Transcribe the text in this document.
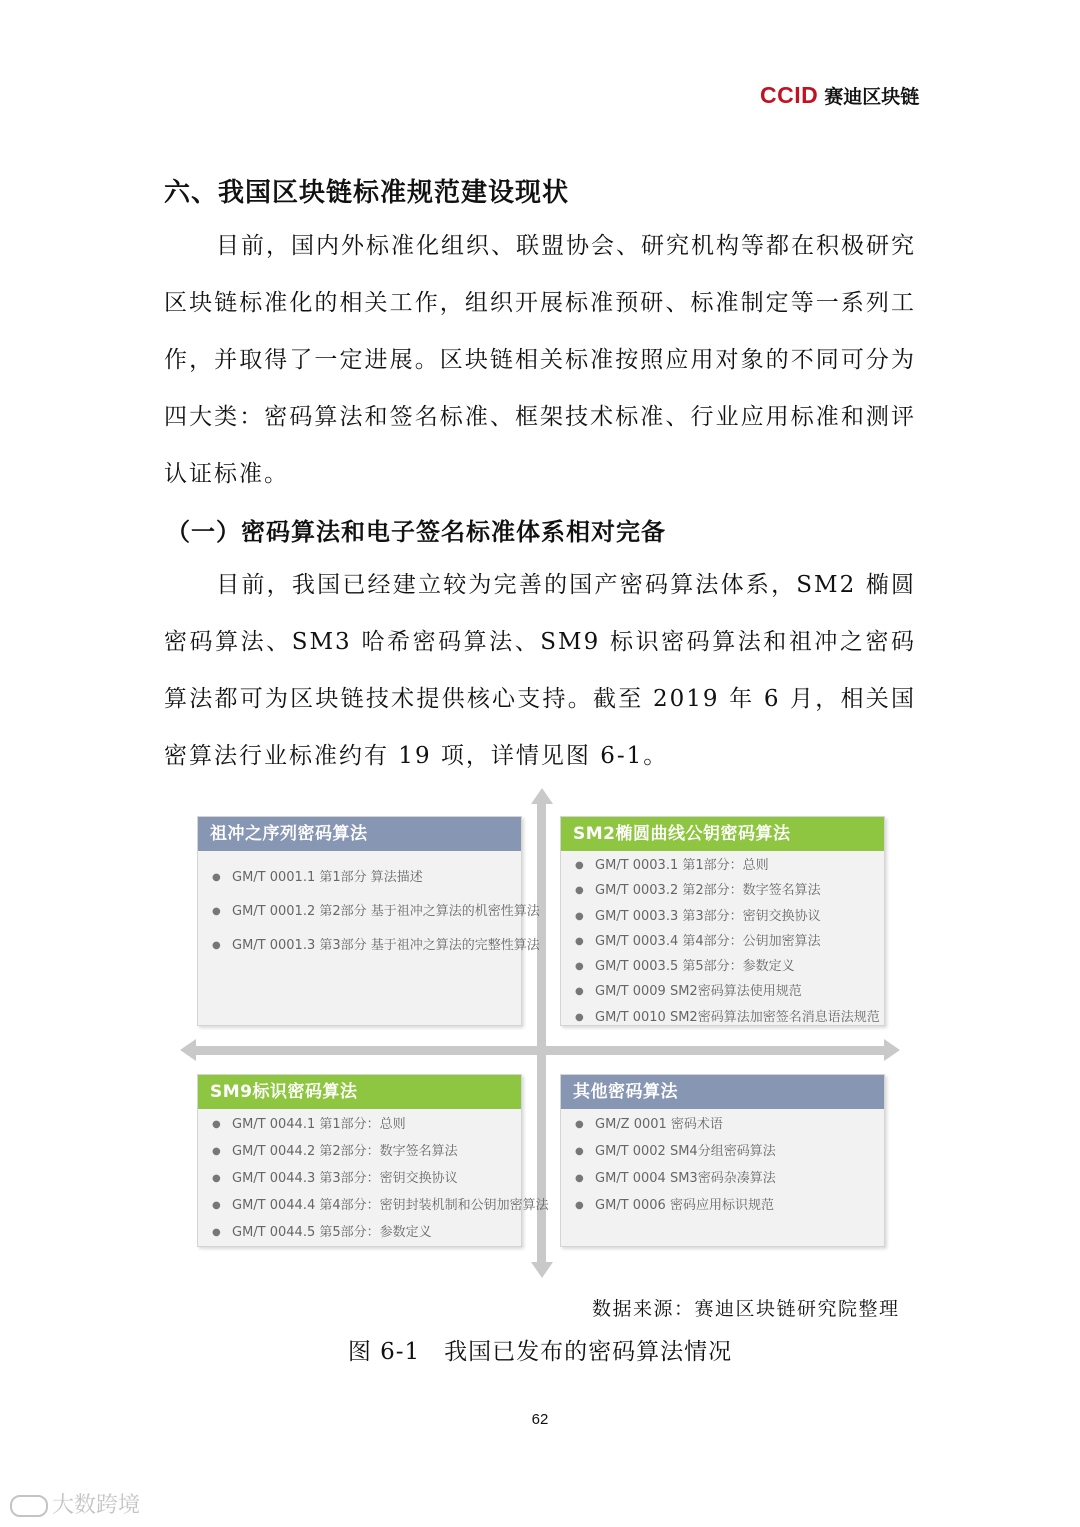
CCID 赛迪区块链
六、我国区块链标准规范建设现状
目前，国内外标准化组织、联盟协会、研究机构等都在积极研究区块链标准化的相关工作，组织开展标准预研、标准制定等一系列工作，并取得了一定进展。区块链相关标准按照应用对象的不同可分为四大类：密码算法和签名标准、框架技术标准、行业应用标准和测评认证标准。
（一）密码算法和电子签名标准体系相对完备
目前，我国已经建立较为完善的国产密码算法体系，SM2 椭圆密码算法、SM3 哈希密码算法、SM9 标识密码算法和祖冲之密码算法都可为区块链技术提供核心支持。截至 2019 年 6 月，相关国密算法行业标准约有 19 项，详情见图 6-1。
祖冲之序列密码算法
● GM/T 0001.1 第1部分 算法描述
● GM/T 0001.2 第2部分 基于祖冲之算法的机密性算法
● GM/T 0001.3 第3部分 基于祖冲之算法的完整性算法
SM2椭圆曲线公钥密码算法
● GM/T 0003.1 第1部分：总则
● GM/T 0003.2 第2部分：数字签名算法
● GM/T 0003.3 第3部分：密钥交换协议
● GM/T 0003.4 第4部分：公钥加密算法
● GM/T 0003.5 第5部分：参数定义
● GM/T 0009 SM2密码算法使用规范
● GM/T 0010 SM2密码算法加密签名消息语法规范
SM9标识密码算法
● GM/T 0044.1 第1部分：总则
● GM/T 0044.2 第2部分：数字签名算法
● GM/T 0044.3 第3部分：密钥交换协议
● GM/T 0044.4 第4部分：密钥封装机制和公钥加密算法
● GM/T 0044.5 第5部分：参数定义
其他密码算法
● GM/Z 0001 密码术语
● GM/T 0002 SM4分组密码算法
● GM/T 0004 SM3密码杂凑算法
● GM/T 0006 密码应用标识规范
数据来源：赛迪区块链研究院整理
图 6-1　我国已发布的密码算法情况
62
大数跨境
